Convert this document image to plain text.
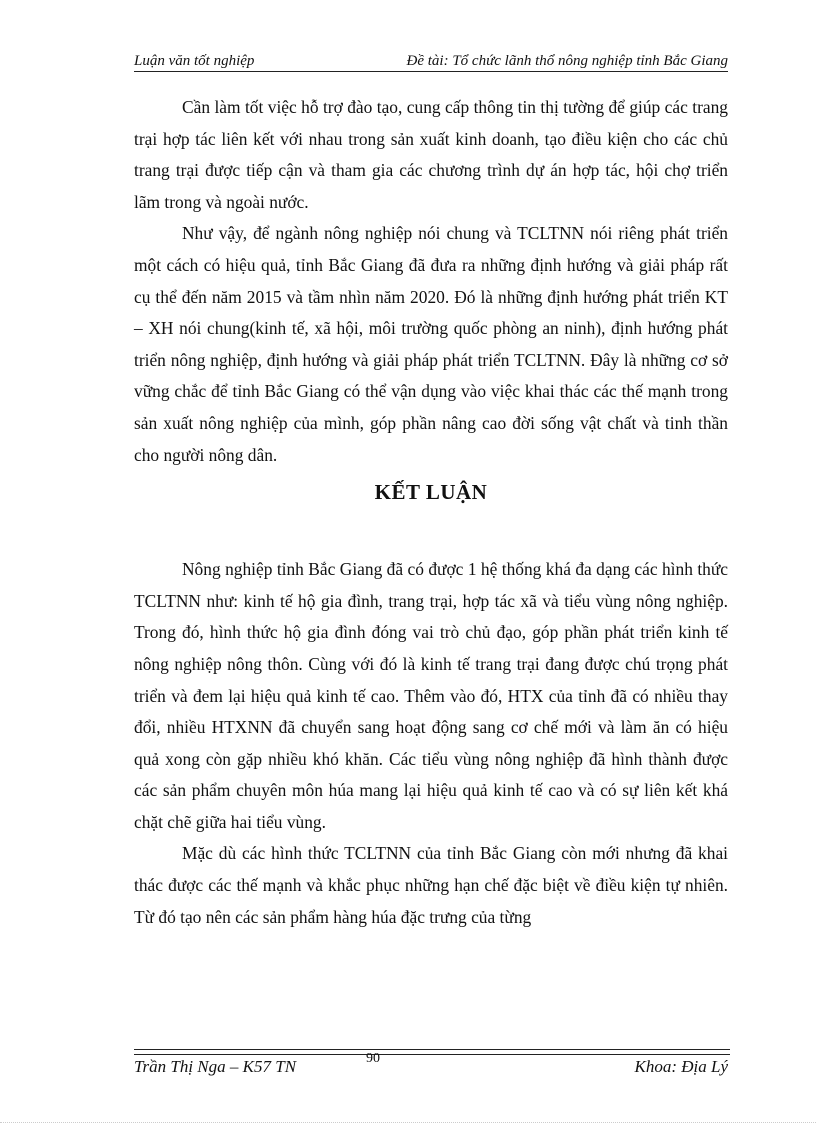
Luận văn tốt nghiệp	Đề tài: Tổ chức lãnh thổ nông nghiệp tỉnh Bắc Giang

Cần làm tốt việc hỗ trợ đào tạo, cung cấp thông tin thị tường để giúp các trang trại hợp tác liên kết với nhau trong sản xuất kinh doanh, tạo điều kiện cho các chủ trang trại được tiếp cận và tham gia các chương trình dự án hợp tác, hội chợ triển lãm trong và ngoài nước.

Như vậy, để ngành nông nghiệp nói chung và TCLTNN nói riêng phát triển một cách có hiệu quả, tỉnh Bắc Giang đã đưa ra những định hướng và giải pháp rất cụ thể đến năm 2015 và tầm nhìn năm 2020. Đó là những định hướng phát triển KT – XH nói chung(kinh tế, xã hội, môi trường quốc phòng an ninh), định hướng phát triển nông nghiệp, định hướng và giải pháp phát triển TCLTNN. Đây là những cơ sở vững chắc để tỉnh Bắc Giang có thể vận dụng vào việc khai thác các thế mạnh trong sản xuất nông nghiệp của mình, góp phần nâng cao đời sống vật chất và tinh thần cho người nông dân.

KẾT LUẬN

Nông nghiệp tỉnh Bắc Giang đã có được 1 hệ thống khá đa dạng các hình thức TCLTNN như: kinh tế hộ gia đình, trang trại, hợp tác xã và tiểu vùng nông nghiệp. Trong đó, hình thức hộ gia đình đóng vai trò chủ đạo, góp phần phát triển kinh tế nông nghiệp nông thôn. Cùng với đó là kinh tế trang trại đang được chú trọng phát triển và đem lại hiệu quả kinh tế cao. Thêm vào đó, HTX của tỉnh đã có nhiều thay đổi, nhiều HTXNN đã chuyển sang hoạt động sang cơ chế mới và làm ăn có hiệu quả xong còn gặp nhiều khó khăn. Các tiểu vùng nông nghiệp đã hình thành được các sản phẩm chuyên môn húa mang lại hiệu quả kinh tế cao và có sự liên kết khá chặt chẽ giữa hai tiểu vùng.

Mặc dù các hình thức TCLTNN của tỉnh Bắc Giang còn mới nhưng đã khai thác được các thế mạnh và khắc phục những hạn chế đặc biệt về điều kiện tự nhiên. Từ đó tạo nên các sản phẩm hàng húa đặc trưng của từng

Trần Thị Nga – K57 TN	90	Khoa: Địa Lý
